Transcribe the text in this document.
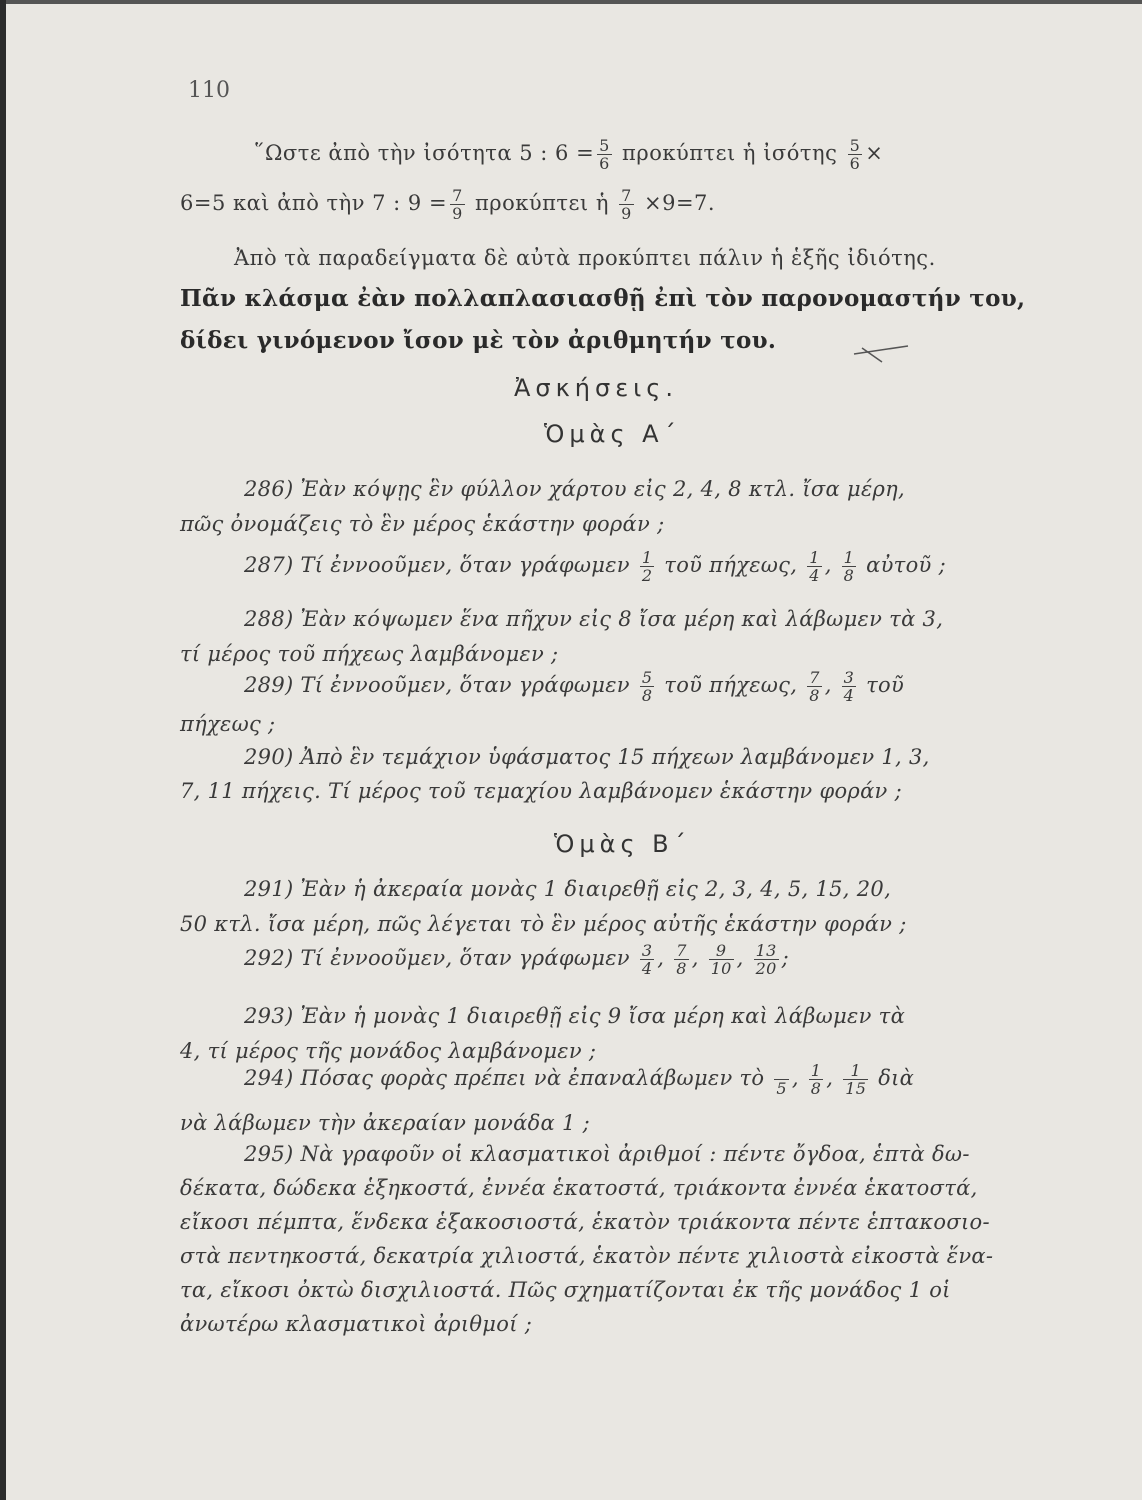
110
῞Ωστε ἀπὸ τὴν ἰσότητα 5 : $6 = \frac{5}{6}$ προκύπτει ἡ ἰσότης $\frac{5}{6}$ ×
6=5 καὶ ἀπὸ τὴν 7 : $9 = \frac{7}{9}$ προκύπτει ἡ $\frac{7}{9} \times 9=7$.
Ἀπὸ τὰ παραδείγματα δὲ αὐτὰ προκύπτει πάλιν ἡ ἑξῆς ἰδιότης.
Πᾶν κλάσμα ἐὰν πολλαπλασιασθῇ ἐπὶ τὸν παρονομαστήν του,
δίδει γινόμενον ἴσον μὲ τὸν ἀριθμητήν του.
Ἀσκήσεις.
Ὁμὰς Α΄
286) Ἐὰν κόψῃς ἓν φύλλον χάρτου εἰς 2, 4, 8 κτλ. ἴσα μέρη,
πῶς ὀνομάζεις τὸ ἓν μέρος ἑκάστην φοράν ;
287) Τί ἐννοοῦμεν, ὅταν γράφωμεν $\frac{1}{2}$ τοῦ πήχεως, $\frac{1}{4}$ , $\frac{1}{8}$ αὐτοῦ ;
288) Ἐὰν κόψωμεν ἕνα πῆχυν εἰς 8 ἴσα μέρη καὶ λάβωμεν τὰ 3,
τί μέρος τοῦ πήχεως λαμβάνομεν ;
289) Τί ἐννοοῦμεν, ὅταν γράφωμεν $\frac{5}{8}$ τοῦ πήχεως, $\frac{7}{8}$ , $\frac{3}{4}$ τοῦ
πήχεως ;
290) Ἀπὸ ἓν τεμάχιον ὑφάσματος 15 πήχεων λαμβάνομεν 1, 3,
7, 11 πήχεις. Τί μέρος τοῦ τεμαχίου λαμβάνομεν ἑκάστην φοράν ;
Ὁμὰς Β΄
291) Ἐὰν ἡ ἀκεραία μονὰς 1 διαιρεθῇ εἰς 2, 3, 4, 5, 15, 20,
50 κτλ. ἴσα μέρη, πῶς λέγεται τὸ ἓν μέρος αὐτῆς ἑκάστην φοράν ;
292) Τί ἐννοοῦμεν, ὅταν γράφωμεν $\frac{3}{4}$ , $\frac{7}{8}$ , $\frac{9}{10}$ , $\frac{13}{20}$ ;
293) Ἐὰν ἡ μονὰς 1 διαιρεθῇ εἰς 9 ἴσα μέρη καὶ λάβωμεν τὰ
4, τί μέρος τῆς μονάδος λαμβάνομεν ;
294) Πόσας φορὰς πρέπει νὰ ἐπαναλάβωμεν τὸ 5 , $\frac{1}{8}$ , $\frac{1}{15}$ διὰ
νὰ λάβωμεν τὴν ἀκεραίαν μονάδα 1 ;
295) Νὰ γραφοῦν οἱ κλασματικοὶ ἀριθμοί : πέντε ὄγδοα, ἑπτὰ δω-
δέκατα, δώδεκα ἑξηκοστά, ἐννέα ἑκατοστά, τριάκοντα ἐννέα ἑκατοστά,
εἴκοσι πέμπτα, ἕνδεκα ἑξακοσιοστά, ἑκατὸν τριάκοντα πέντε ἑπτακοσιο-
στὰ πεντηκοστά, δεκατρία χιλιοστά, ἑκατὸν πέντε χιλιοστὰ εἰκοστὰ ἕνα-
τα, εἴκοσι ὀκτὼ δισχιλιοστά. Πῶς σχηματίζονται ἐκ τῆς μονάδος 1 οἱ
ἀνωτέρω κλασματικοὶ ἀριθμοί ;
